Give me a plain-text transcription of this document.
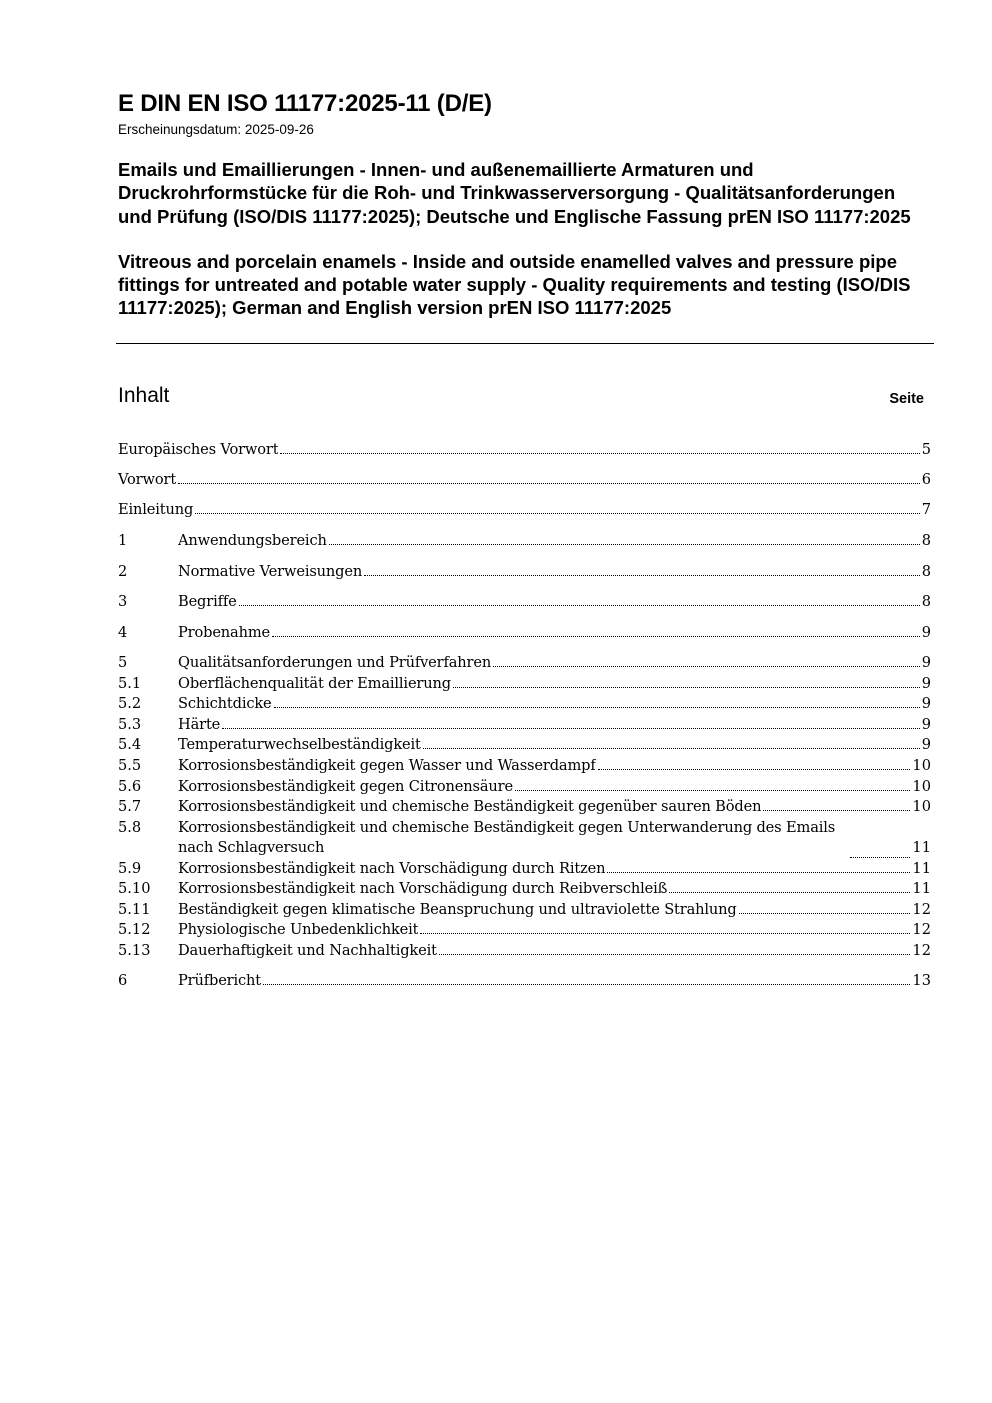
E DIN EN ISO 11177:2025-11 (D/E)
Erscheinungsdatum: 2025-09-26

Emails und Emaillierungen - Innen- und außenemaillierte Armaturen und Druckrohrformstücke für die Roh- und Trinkwasserversorgung - Qualitätsanforderungen und Prüfung (ISO/DIS 11177:2025); Deutsche und Englische Fassung prEN ISO 11177:2025

Vitreous and porcelain enamels - Inside and outside enamelled valves and pressure pipe fittings for untreated and potable water supply - Quality requirements and testing (ISO/DIS 11177:2025); German and English version prEN ISO 11177:2025

Inhalt	Seite
Europäisches Vorwort	5
Vorwort	6
Einleitung	7
1	Anwendungsbereich	8
2	Normative Verweisungen	8
3	Begriffe	8
4	Probenahme	9
5	Qualitätsanforderungen und Prüfverfahren	9
5.1	Oberflächenqualität der Emaillierung	9
5.2	Schichtdicke	9
5.3	Härte	9
5.4	Temperaturwechselbeständigkeit	9
5.5	Korrosionsbeständigkeit gegen Wasser und Wasserdampf	10
5.6	Korrosionsbeständigkeit gegen Citronensäure	10
5.7	Korrosionsbeständigkeit und chemische Beständigkeit gegenüber sauren Böden	10
5.8	Korrosionsbeständigkeit und chemische Beständigkeit gegen Unterwanderung des Emails nach Schlagversuch	11
5.9	Korrosionsbeständigkeit nach Vorschädigung durch Ritzen	11
5.10	Korrosionsbeständigkeit nach Vorschädigung durch Reibverschleiß	11
5.11	Beständigkeit gegen klimatische Beanspruchung und ultraviolette Strahlung	12
5.12	Physiologische Unbedenklichkeit	12
5.13	Dauerhaftigkeit und Nachhaltigkeit	12
6	Prüfbericht	13
